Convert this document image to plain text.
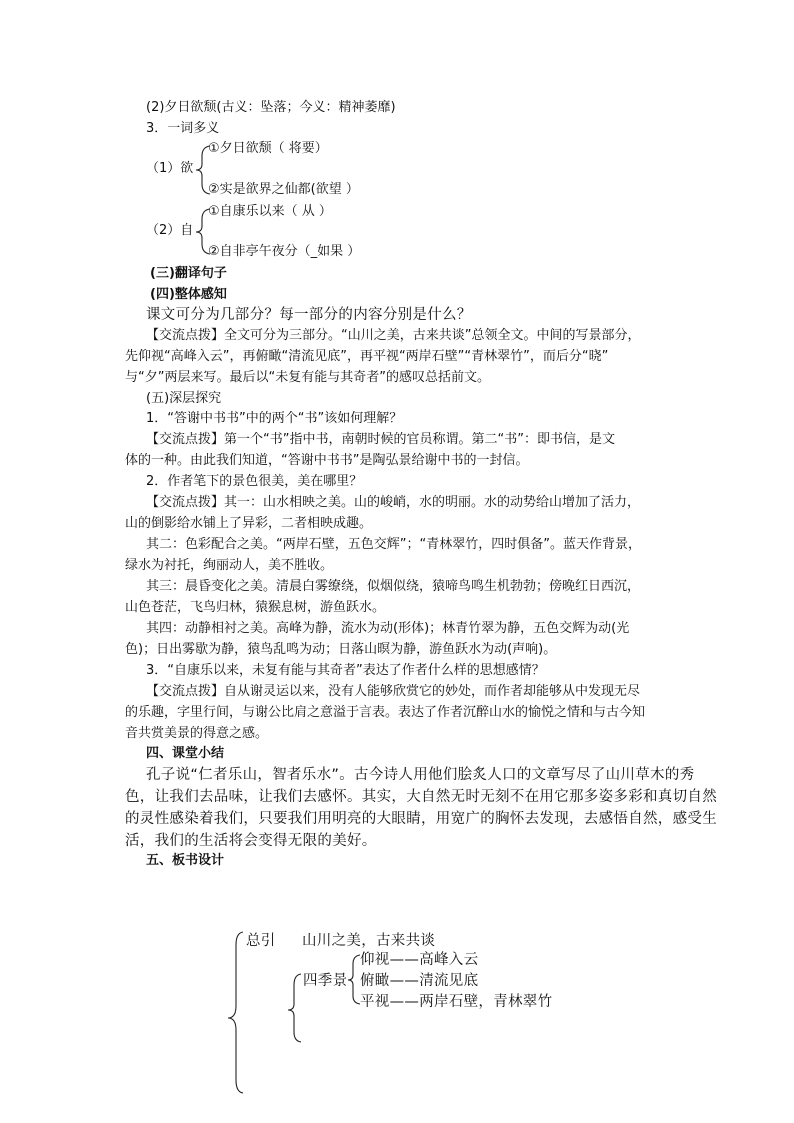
(2)夕日欲颓(古义：坠落；今义：精神萎靡)
3．一词多义
（1）欲
①夕日欲颓（ 将要）
②实是欲界之仙都(欲望 ）
（2）自
①自康乐以来（ 从 ）
②自非亭午夜分（_如果 ）
(三)翻译句子
(四)整体感知
课文可分为几部分？每一部分的内容分别是什么？
【交流点拨】全文可分为三部分。“山川之美，古来共谈”总领全文。中间的写景部分，
先仰视“高峰入云”，再俯瞰“清流见底”，再平视“两岸石壁”“青林翠竹”，而后分“晓”
与“夕”两层来写。最后以“未复有能与其奇者”的感叹总括前文。
(五)深层探究
1．“答谢中书书”中的两个“书”该如何理解？
【交流点拨】第一个“书”指中书，南朝时候的官员称谓。第二“书”：即书信，是文
体的一种。由此我们知道，“答谢中书书”是陶弘景给谢中书的一封信。
2．作者笔下的景色很美，美在哪里？
【交流点拨】其一：山水相映之美。山的峻峭，水的明丽。水的动势给山增加了活力，
山的倒影给水铺上了异彩，二者相映成趣。
其二：色彩配合之美。“两岸石壁，五色交辉”；“青林翠竹，四时俱备”。蓝天作背景，
绿水为衬托，绚丽动人，美不胜收。
其三：晨昏变化之美。清晨白雾缭绕，似烟似绕，猿啼鸟鸣生机勃勃；傍晚红日西沉，
山色苍茫，飞鸟归林，猿猴息树，游鱼跃水。
其四：动静相衬之美。高峰为静，流水为动(形体)；林青竹翠为静，五色交辉为动(光
色)；日出雾歇为静，猿鸟乱鸣为动；日落山暝为静，游鱼跃水为动(声响)。
3．“自康乐以来，未复有能与其奇者”表达了作者什么样的思想感情？
【交流点拨】自从谢灵运以来，没有人能够欣赏它的妙处，而作者却能够从中发现无尽
的乐趣，字里行间，与谢公比肩之意溢于言表。表达了作者沉醉山水的愉悦之情和与古今知
音共赏美景的得意之感。
四、课堂小结
孔子说“仁者乐山，智者乐水”。古今诗人用他们脍炙人口的文章写尽了山川草木的秀
色，让我们去品味，让我们去感怀。其实，大自然无时无刻不在用它那多姿多彩和真切自然
的灵性感染着我们，只要我们用明亮的大眼睛，用宽广的胸怀去发现，去感悟自然，感受生
活，我们的生活将会变得无限的美好。
五、板书设计
总引 山川之美，古来共谈
四季景
仰视——高峰入云
俯瞰——清流见底
平视——两岸石壁，青林翠竹
